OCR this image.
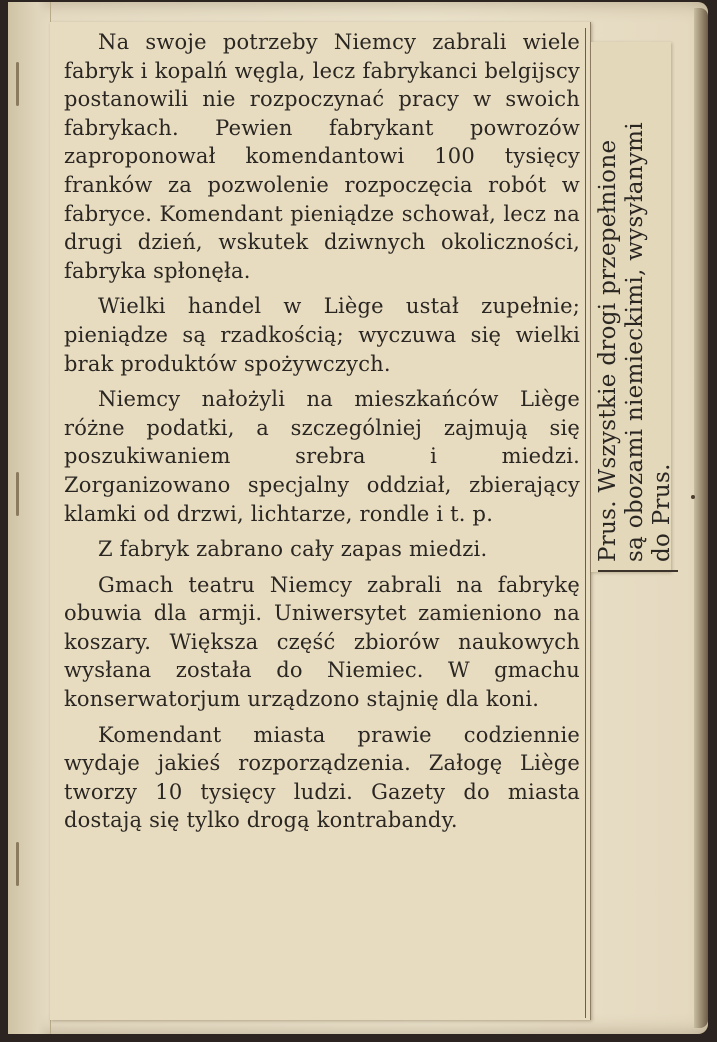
Na swoje potrzeby Niemcy zabrali wiele fabryk i kopalń węgla, lecz fabrykanci belgijscy postanowili nie rozpoczynać pracy w swoich fabrykach. Pewien fabrykant powrozów zaproponował komendantowi 100 tysięcy franków za pozwolenie rozpoczęcia robót w fabryce. Komendant pieniądze schował, lecz na drugi dzień, wskutek dziwnych okoliczności, fabryka spłonęła.

Wielki handel w Liège ustał zupełnie; pieniądze są rzadkością; wyczuwa się wielki brak produktów spożywczych.

Niemcy nałożyli na mieszkańców Liège różne podatki, a szczególniej zajmują się poszukiwaniem srebra i miedzi. Zorganizowano specjalny oddział, zbierający klamki od drzwi, lichtarze, rondle i t. p.

Z fabryk zabrano cały zapas miedzi.

Gmach teatru Niemcy zabrali na fabrykę obuwia dla armji. Uniwersytet zamieniono na koszary. Większa część zbiorów naukowych wysłana została do Niemiec. W gmachu konserwatorjum urządzono stajnię dla koni.

Komendant miasta prawie codziennie wydaje jakieś rozporządzenia. Załogę Liège tworzy 10 tysięcy ludzi. Gazety do miasta dostają się tylko drogą kontrabandy.

Prus. Wszystkie drogi przepełnione są obozami niemieckimi, wysyłanymi do Prus.
